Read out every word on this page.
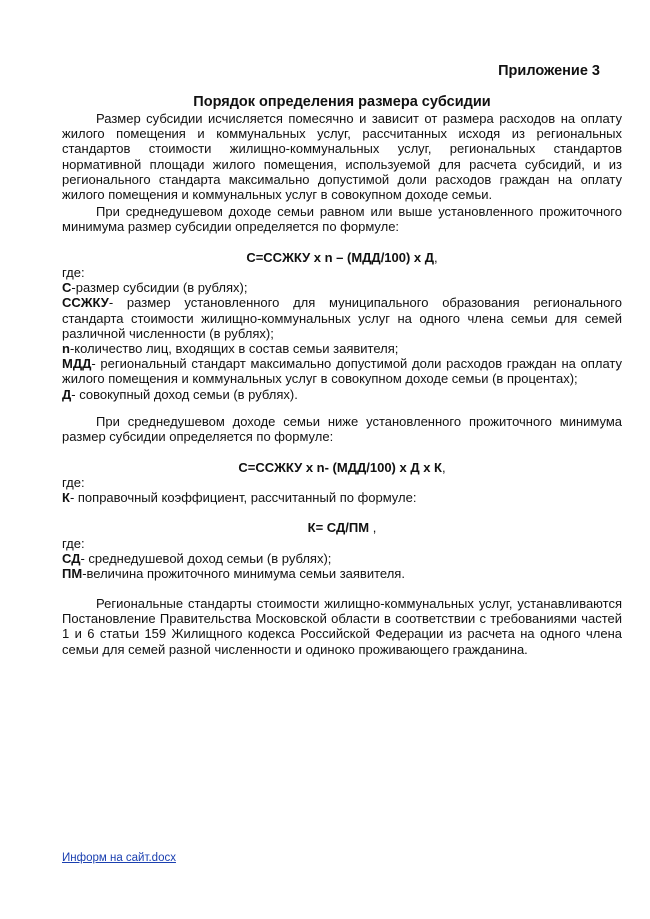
Приложение 3
Порядок определения размера субсидии
Размер субсидии исчисляется помесячно и зависит от размера расходов на оплату жилого помещения и коммунальных услуг, рассчитанных исходя из региональных стандартов стоимости жилищно-коммунальных услуг, региональных стандартов нормативной площади жилого помещения, используемой для расчета субсидий, и из регионального стандарта максимально допустимой доли расходов граждан на оплату жилого помещения и коммунальных услуг в совокупном доходе семьи.
При среднедушевом доходе семьи равном или выше установленного прожиточного минимума размер субсидии определяется по формуле:
С=ССЖКУ х n – (МДД/100) х Д,
где:
С-размер субсидии (в рублях);
ССЖКУ- размер установленного для муниципального образования регионального стандарта стоимости жилищно-коммунальных услуг на одного члена семьи для семей различной численности (в рублях);
n-количество лиц, входящих в состав семьи заявителя;
МДД- региональный стандарт максимально допустимой доли расходов граждан на оплату жилого помещения и коммунальных услуг в совокупном доходе семьи (в процентах);
Д- совокупный доход семьи (в рублях).
При среднедушевом доходе семьи ниже установленного прожиточного минимума размер субсидии определяется по формуле:
С=ССЖКУ х n- (МДД/100) х Д х К,
где:
К- поправочный коэффициент, рассчитанный по формуле:
К= СД/ПМ ,
где:
СД- среднедушевой доход семьи (в рублях);
ПМ-величина прожиточного минимума семьи заявителя.
Региональные стандарты стоимости жилищно-коммунальных услуг, устанавливаются Постановление Правительства Московской области в соответствии с требованиями частей 1 и 6 статьи 159 Жилищного кодекса Российской Федерации из расчета на одного члена семьи для семей разной численности и одиноко проживающего гражданина.
Информ на сайт.docx
